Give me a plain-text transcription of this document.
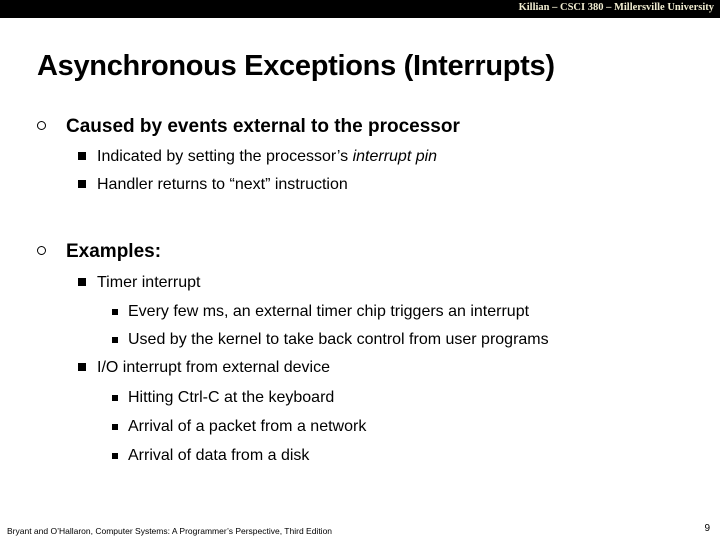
Killian – CSCI 380 – Millersville University
Asynchronous Exceptions (Interrupts)
Caused by events external to the processor
Indicated by setting the processor’s interrupt pin
Handler returns to “next” instruction
Examples:
Timer interrupt
Every few ms, an external timer chip triggers an interrupt
Used by the kernel to take back control from user programs
I/O interrupt from external device
Hitting Ctrl-C at the keyboard
Arrival of a packet from a network
Arrival of data from a disk
Bryant and O’Hallaron, Computer Systems: A Programmer’s Perspective, Third Edition	9
